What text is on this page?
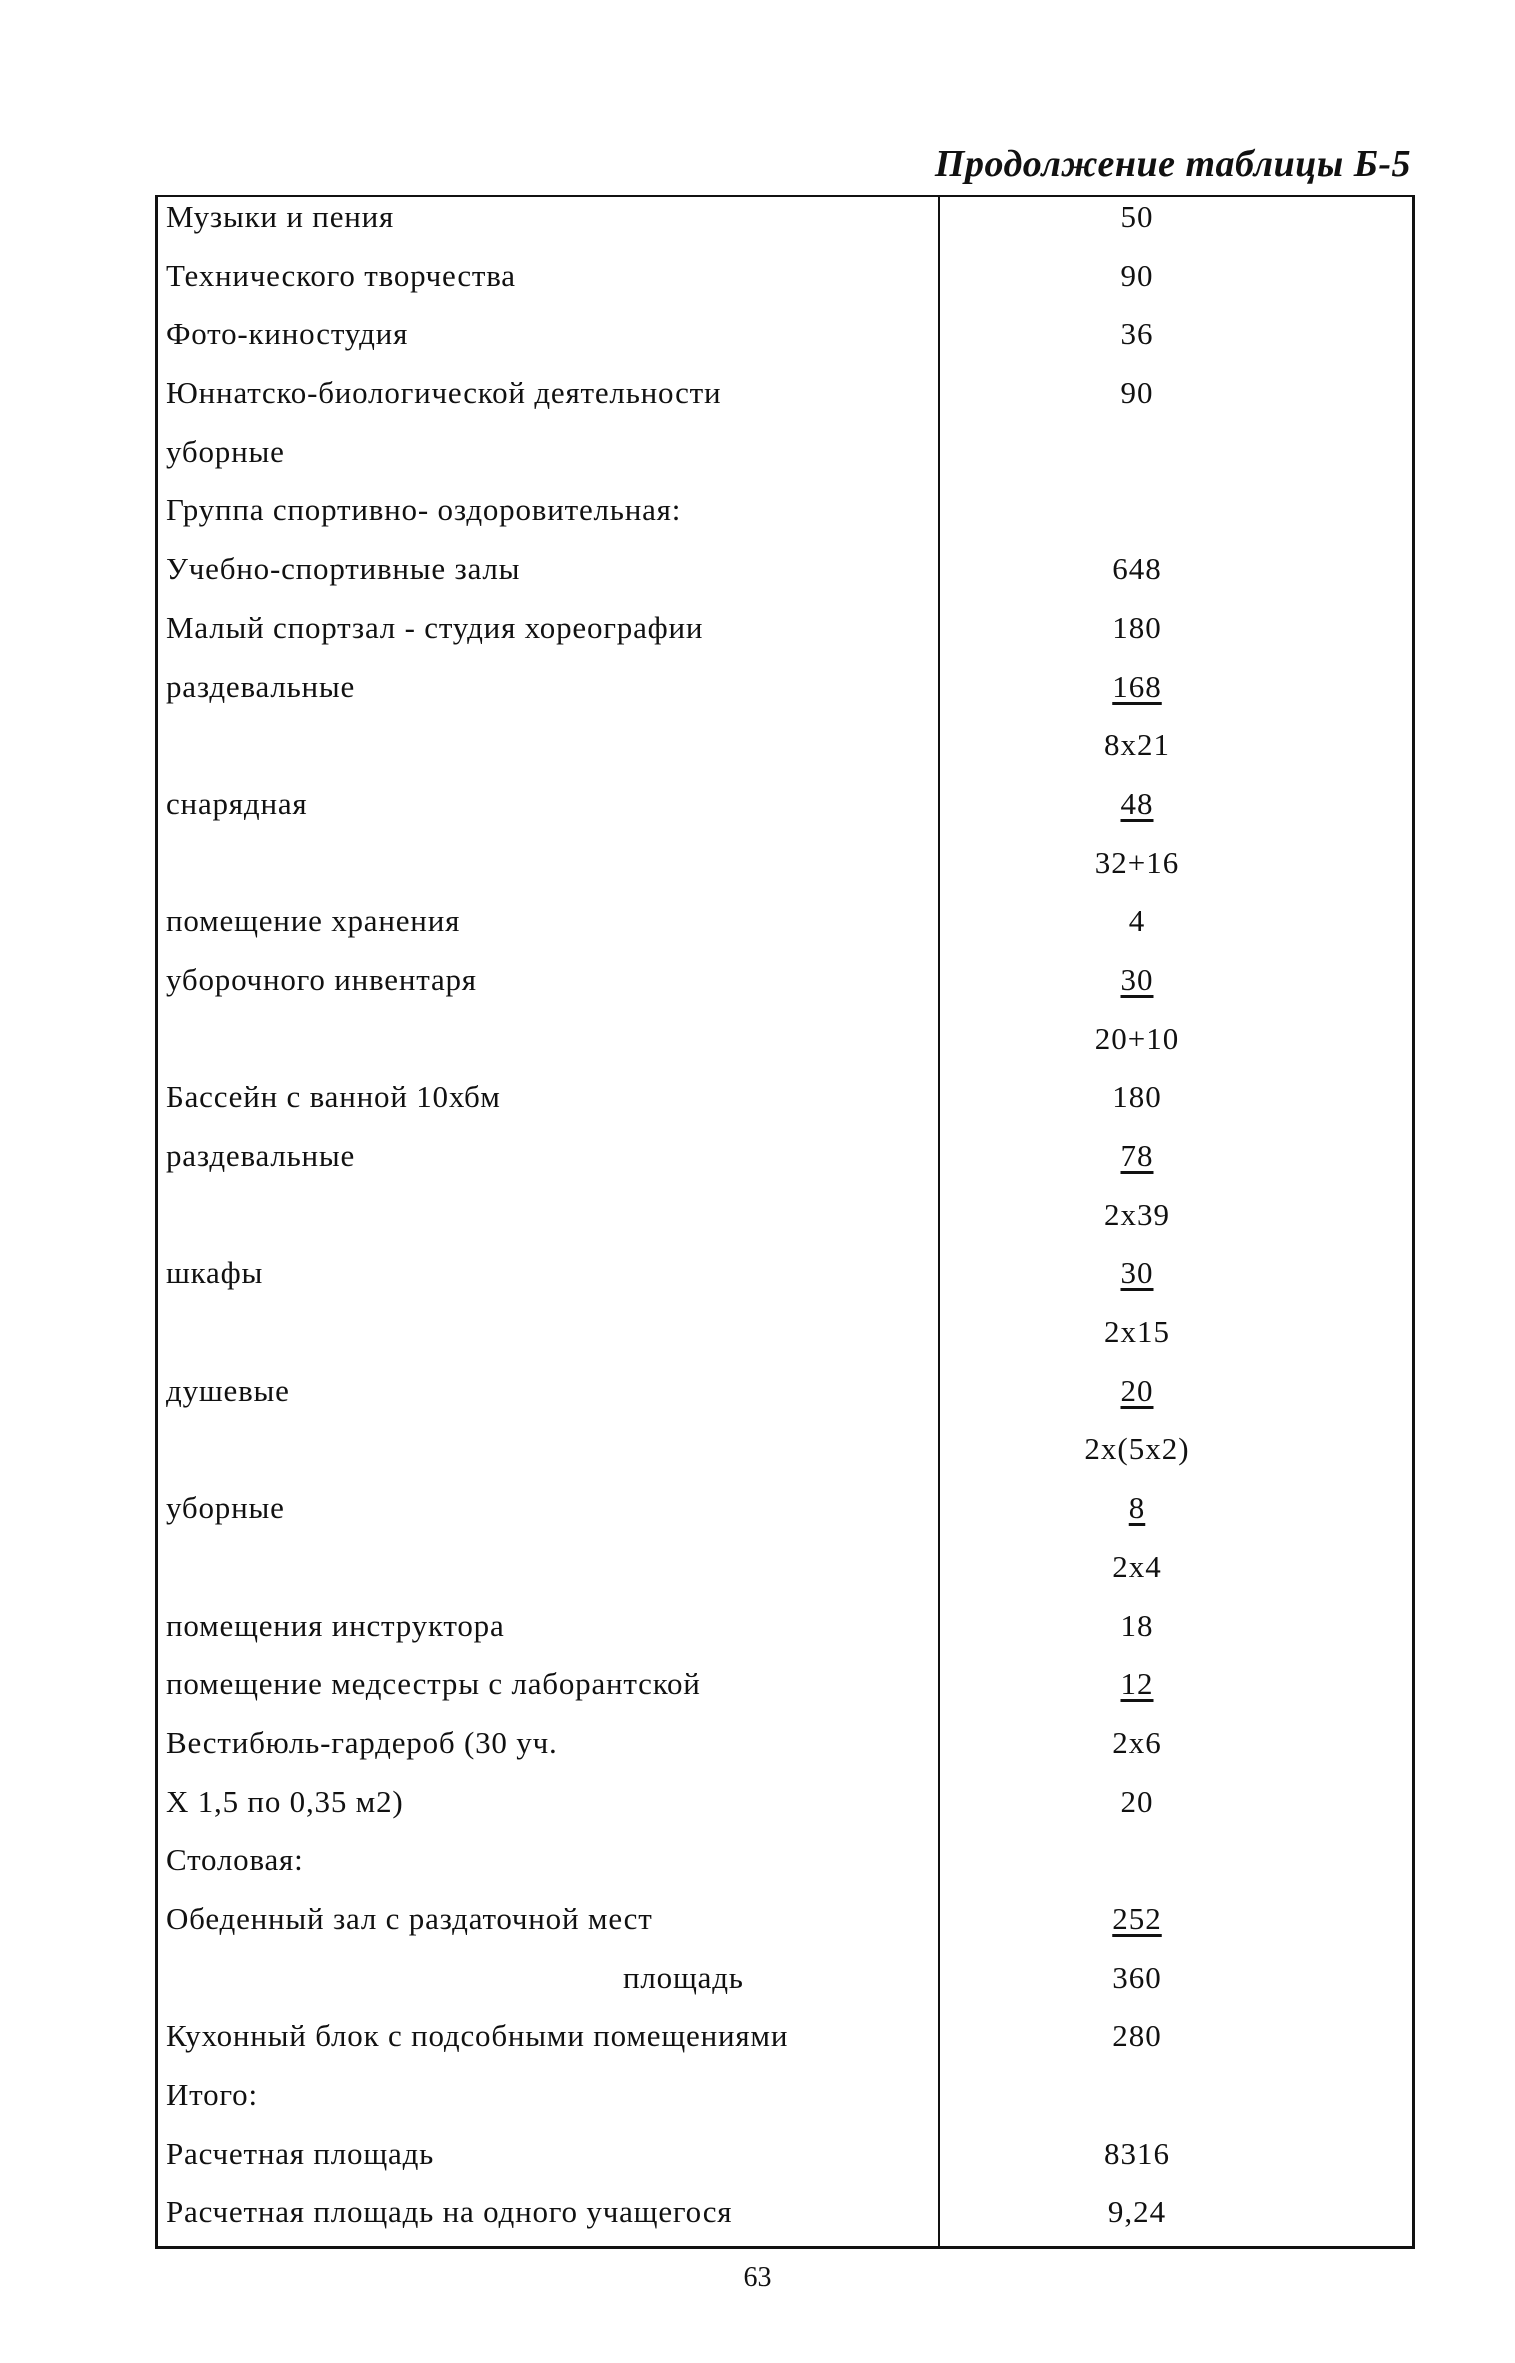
Продолжение таблицы Б-5
Музыки и пения	50
Технического творчества	90
Фото-киностудия	36
Юннатско-биологической деятельности	90
уборные
Группа спортивно- оздоровительная:
Учебно-спортивные залы	648
Малый спортзал - студия хореографии	180
раздевальные	168
8x21
снарядная	48
32+16
помещение хранения	4
уборочного инвентаря	30
20+10
Бассейн с ванной 10хбм	180
раздевальные	78
2x39
шкафы	30
2x15
душевые	20
2x(5x2)
уборные	8
2x4
помещения инструктора	18
помещение медсестры с лаборантской	12
Вестибюль-гардероб (30 уч.	2x6
X 1,5 по 0,35 м2)	20
Столовая:
Обеденный зал с раздаточной мест	252
площадь	360
Кухонный блок с подсобными помещениями	280
Итого:
Расчетная площадь	8316
Расчетная площадь на одного учащегося	9,24
63
